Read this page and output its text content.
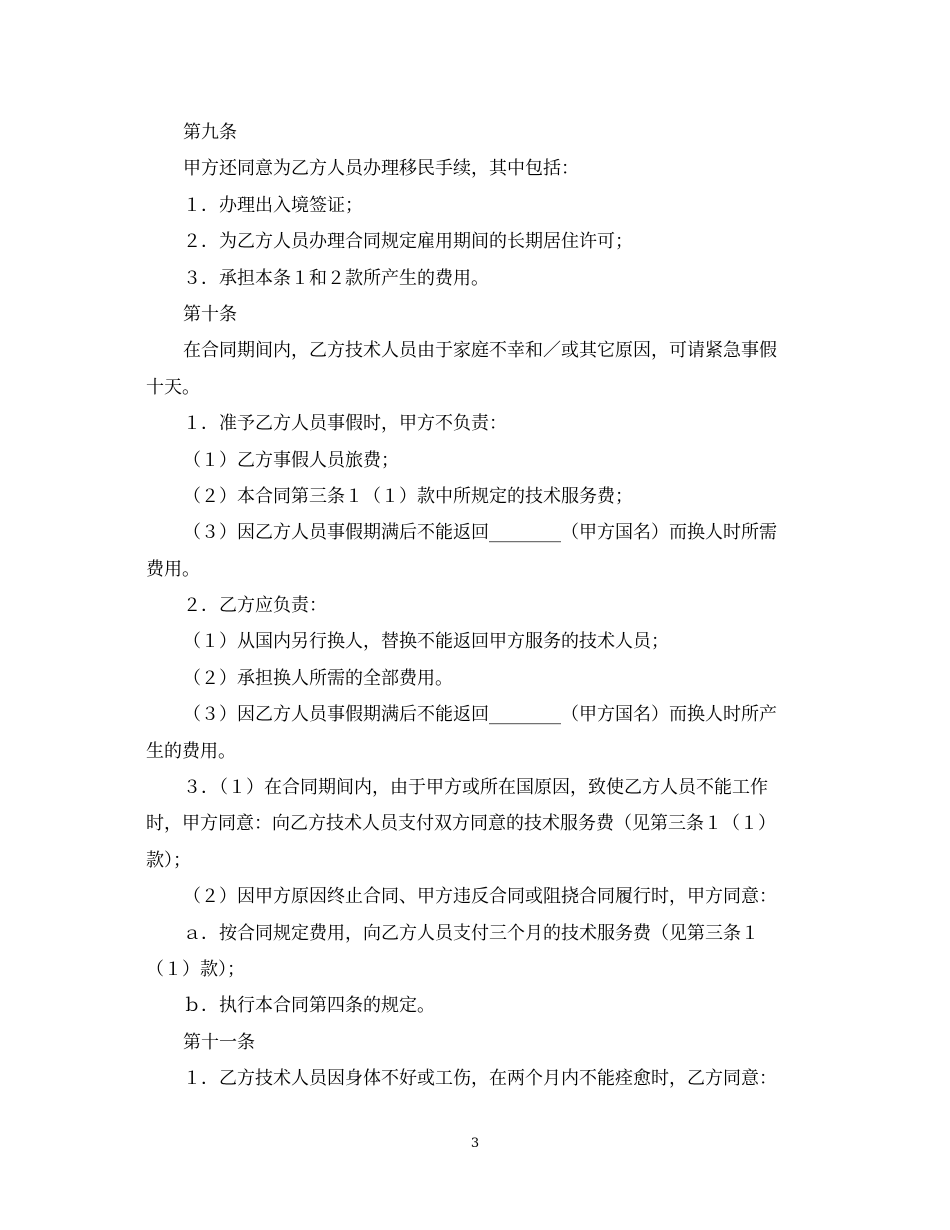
第九条
甲方还同意为乙方人员办理移民手续，其中包括：
１．办理出入境签证；
２．为乙方人员办理合同规定雇用期间的长期居住许可；
３．承担本条１和２款所产生的费用。
第十条
在合同期间内，乙方技术人员由于家庭不幸和／或其它原因，可请紧急事假
十天。
１．准予乙方人员事假时，甲方不负责：
（１）乙方事假人员旅费；
（２）本合同第三条１（１）款中所规定的技术服务费；
（３）因乙方人员事假期满后不能返回________（甲方国名）而换人时所需
费用。
２．乙方应负责：
（１）从国内另行换人，替换不能返回甲方服务的技术人员；
（２）承担换人所需的全部费用。
（３）因乙方人员事假期满后不能返回________（甲方国名）而换人时所产
生的费用。
３．（１）在合同期间内，由于甲方或所在国原因，致使乙方人员不能工作
时，甲方同意：向乙方技术人员支付双方同意的技术服务费（见第三条１（１）
款）；
（２）因甲方原因终止合同、甲方违反合同或阻挠合同履行时，甲方同意：
ａ．按合同规定费用，向乙方人员支付三个月的技术服务费（见第三条１
（１）款）；
ｂ．执行本合同第四条的规定。
第十一条
１．乙方技术人员因身体不好或工伤，在两个月内不能痊愈时，乙方同意：
3
